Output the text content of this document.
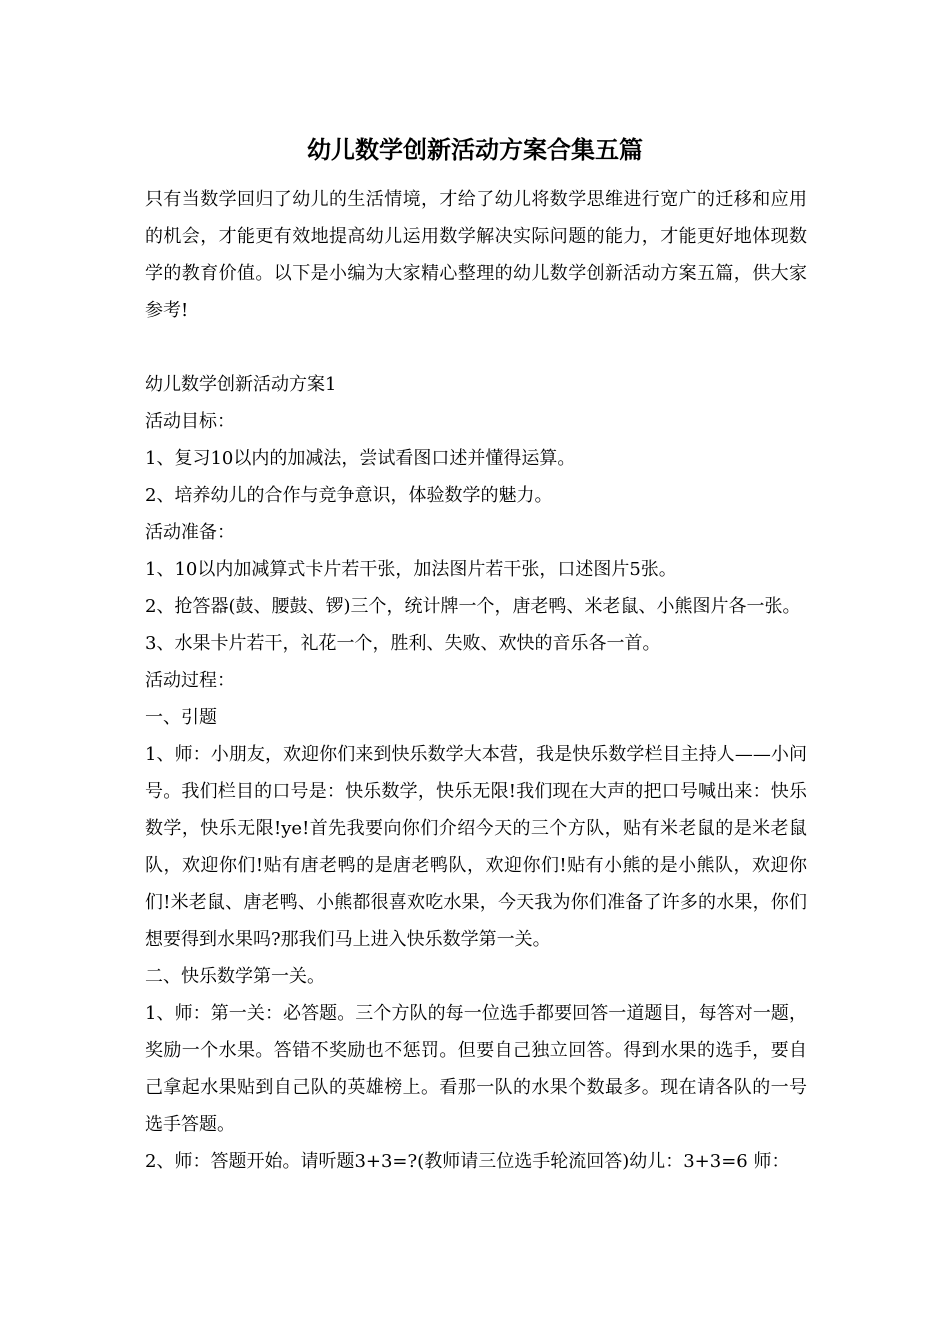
幼儿数学创新活动方案合集五篇

只有当数学回归了幼儿的生活情境，才给了幼儿将数学思维进行宽广的迁移和应用的机会，才能更有效地提高幼儿运用数学解决实际问题的能力，才能更好地体现数学的教育价值。以下是小编为大家精心整理的幼儿数学创新活动方案五篇，供大家参考!

幼儿数学创新活动方案1

活动目标：

1、复习10以内的加减法，尝试看图口述并懂得运算。

2、培养幼儿的合作与竞争意识，体验数学的魅力。

活动准备：

1、10以内加减算式卡片若干张，加法图片若干张，口述图片5张。

2、抢答器(鼓、腰鼓、锣)三个，统计牌一个，唐老鸭、米老鼠、小熊图片各一张。

3、水果卡片若干，礼花一个，胜利、失败、欢快的音乐各一首。

活动过程：

一、引题

1、师：小朋友，欢迎你们来到快乐数学大本营，我是快乐数学栏目主持人——小问号。我们栏目的口号是：快乐数学，快乐无限!我们现在大声的把口号喊出来：快乐数学，快乐无限!ye!首先我要向你们介绍今天的三个方队，贴有米老鼠的是米老鼠队，欢迎你们!贴有唐老鸭的是唐老鸭队，欢迎你们!贴有小熊的是小熊队，欢迎你们!米老鼠、唐老鸭、小熊都很喜欢吃水果，今天我为你们准备了许多的水果，你们想要得到水果吗?那我们马上进入快乐数学第一关。

二、快乐数学第一关。

1、师：第一关：必答题。三个方队的每一位选手都要回答一道题目，每答对一题，奖励一个水果。答错不奖励也不惩罚。但要自己独立回答。得到水果的选手，要自己拿起水果贴到自己队的英雄榜上。看那一队的水果个数最多。现在请各队的一号选手答题。

2、师：答题开始。请听题3+3=?(教师请三位选手轮流回答)幼儿：3+3=6 师：
